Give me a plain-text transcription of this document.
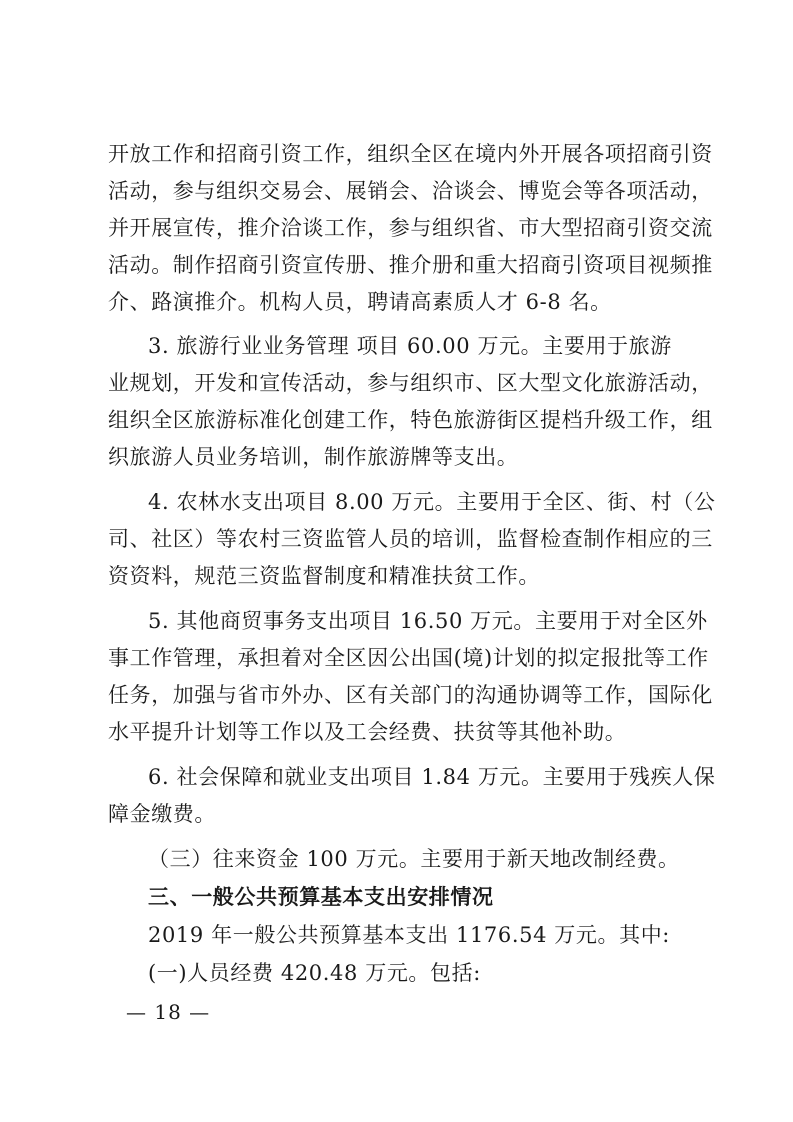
开放工作和招商引资工作，组织全区在境内外开展各项招商引资
活动，参与组织交易会、展销会、洽谈会、博览会等各项活动，
并开展宣传，推介洽谈工作，参与组织省、市大型招商引资交流
活动。制作招商引资宣传册、推介册和重大招商引资项目视频推
介、路演推介。机构人员，聘请高素质人才 6-8 名。
3. 旅游行业业务管理 项目 60.00 万元。主要用于旅游
业规划，开发和宣传活动，参与组织市、区大型文化旅游活动，
组织全区旅游标准化创建工作，特色旅游街区提档升级工作，组
织旅游人员业务培训，制作旅游牌等支出。
4. 农林水支出项目 8.00 万元。主要用于全区、街、村（公
司、社区）等农村三资监管人员的培训，监督检查制作相应的三
资资料，规范三资监督制度和精准扶贫工作。
5. 其他商贸事务支出项目 16.50 万元。主要用于对全区外
事工作管理，承担着对全区因公出国(境)计划的拟定报批等工作
任务，加强与省市外办、区有关部门的沟通协调等工作，国际化
水平提升计划等工作以及工会经费、扶贫等其他补助。
6. 社会保障和就业支出项目 1.84 万元。主要用于残疾人保
障金缴费。
（三）往来资金 100 万元。主要用于新天地改制经费。
三、一般公共预算基本支出安排情况
2019 年一般公共预算基本支出 1176.54 万元。其中:
(一)人员经费 420.48 万元。包括:
— 18 —
